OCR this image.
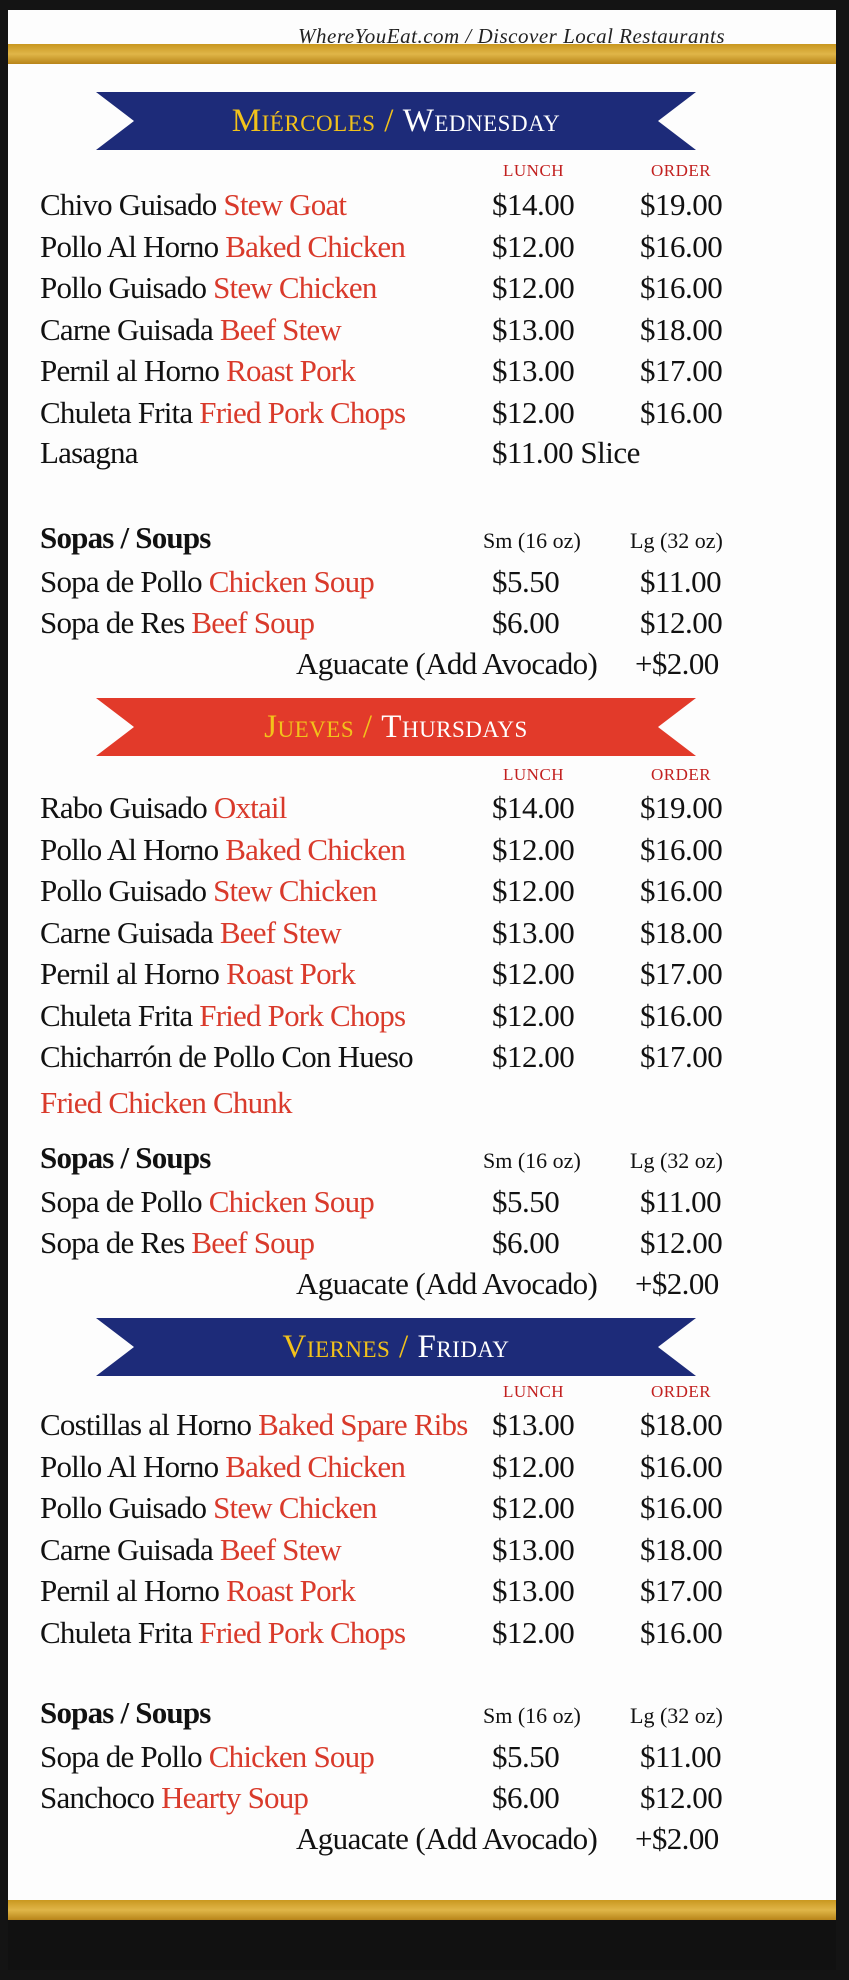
WhereYouEat.com / Discover Local Restaurants
Miércoles / Wednesday
LUNCH	ORDER
Chivo Guisado Stew Goat	$14.00 $19.00
Pollo Al Horno Baked Chicken	$12.00 $16.00
Pollo Guisado Stew Chicken	$12.00 $16.00
Carne Guisada Beef Stew	$13.00 $18.00
Pernil al Horno Roast Pork	$13.00 $17.00
Chuleta Frita Fried Pork Chops	$12.00 $16.00
Lasagna	$11.00 Slice
Sopas / Soups	Sm (16 oz) Lg (32 oz)
Sopa de Pollo Chicken Soup	$5.50	$11.00
Sopa de Res Beef Soup	$6.00	$12.00
Aguacate (Add Avocado) +$2.00
Jueves / Thursdays
LUNCH	ORDER
Rabo Guisado Oxtail	$14.00 $19.00
Pollo Al Horno Baked Chicken	$12.00 $16.00
Pollo Guisado Stew Chicken	$12.00 $16.00
Carne Guisada Beef Stew	$13.00 $18.00
Pernil al Horno Roast Pork	$12.00 $17.00
Chuleta Frita Fried Pork Chops	$12.00 $16.00
Chicharrón de Pollo Con Hueso	$12.00 $17.00
Fried Chicken Chunk
Sopas / Soups	Sm (16 oz) Lg (32 oz)
Sopa de Pollo Chicken Soup	$5.50	$11.00
Sopa de Res Beef Soup	$6.00	$12.00
Aguacate (Add Avocado) +$2.00
Viernes / Friday
LUNCH	ORDER
Costillas al Horno Baked Spare Ribs $13.00 $18.00
Pollo Al Horno Baked Chicken	$12.00 $16.00
Pollo Guisado Stew Chicken	$12.00 $16.00
Carne Guisada Beef Stew	$13.00 $18.00
Pernil al Horno Roast Pork	$13.00 $17.00
Chuleta Frita Fried Pork Chops	$12.00 $16.00
Sopas / Soups	Sm (16 oz) Lg (32 oz)
Sopa de Pollo Chicken Soup	$5.50	$11.00
Sanchoco Hearty Soup	$6.00	$12.00
Aguacate (Add Avocado) +$2.00
